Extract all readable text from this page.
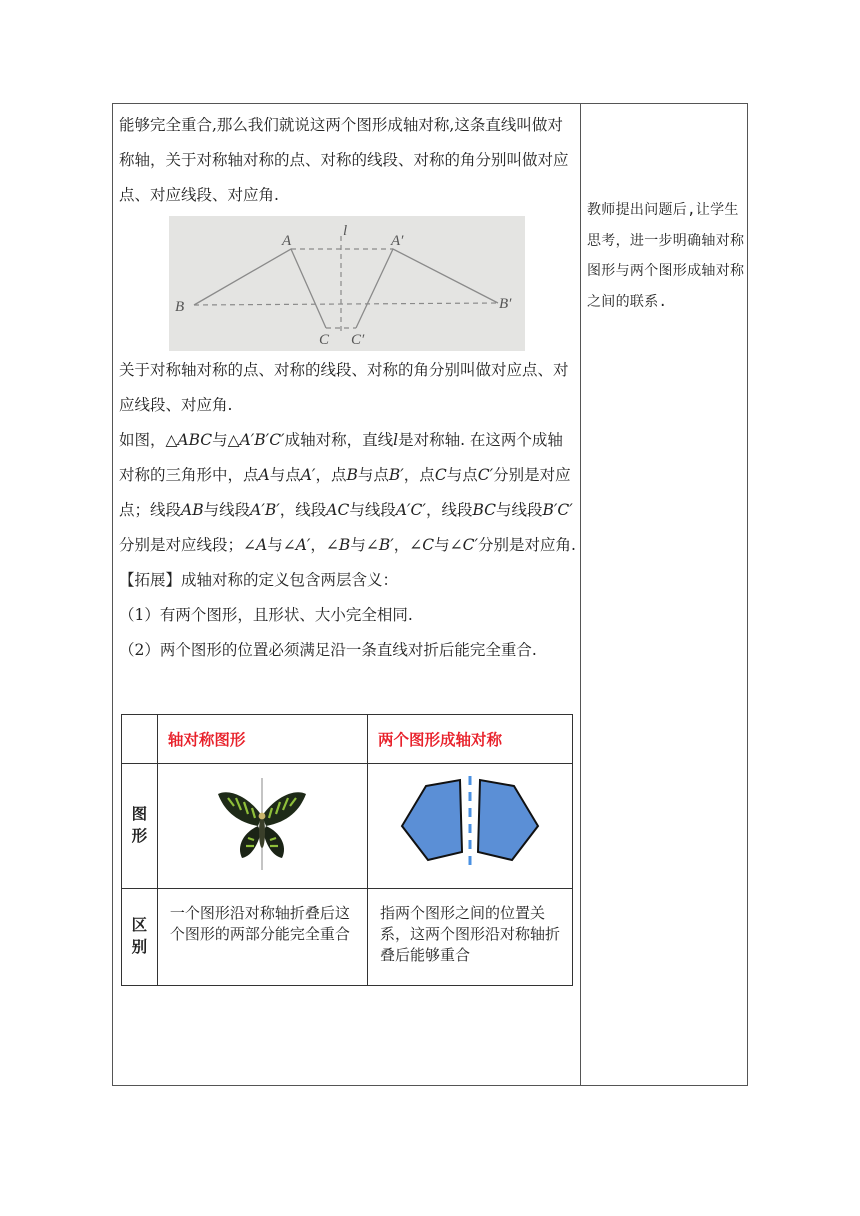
能够完全重合,那么我们就说这两个图形成轴对称,这条直线叫做对称轴，关于对称轴对称的点、对称的线段、对称的角分别叫做对应点、对应线段、对应角.

A	A′
l
B	B′
C C′

关于对称轴对称的点、对称的线段、对称的角分别叫做对应点、对应线段、对应角.

如图，△ABC与△A′B′C′成轴对称，直线l是对称轴. 在这两个成轴对称的三角形中，点A与点A′，点B与点B′，点C与点C′分别是对应点；线段AB与线段A′B′，线段AC与线段A′C′，线段BC与线段B′C′分别是对应线段；∠A与∠A′，∠B与∠B′，∠C与∠C′分别是对应角.

【拓展】成轴对称的定义包含两层含义：

（1）有两个图形，且形状、大小完全相同.

（2）两个图形的位置必须满足沿一条直线对折后能完全重合.

	轴对称图形	两个图形成轴对称
图形		
区别	一个图形沿对称轴折叠后这个图形的两部分能完全重合	指两个图形之间的位置关系，这两个图形沿对称轴折叠后能够重合
教师提出问题后,让学生思考，进一步明确轴对称图形与两个图形成轴对称之间的联系.
